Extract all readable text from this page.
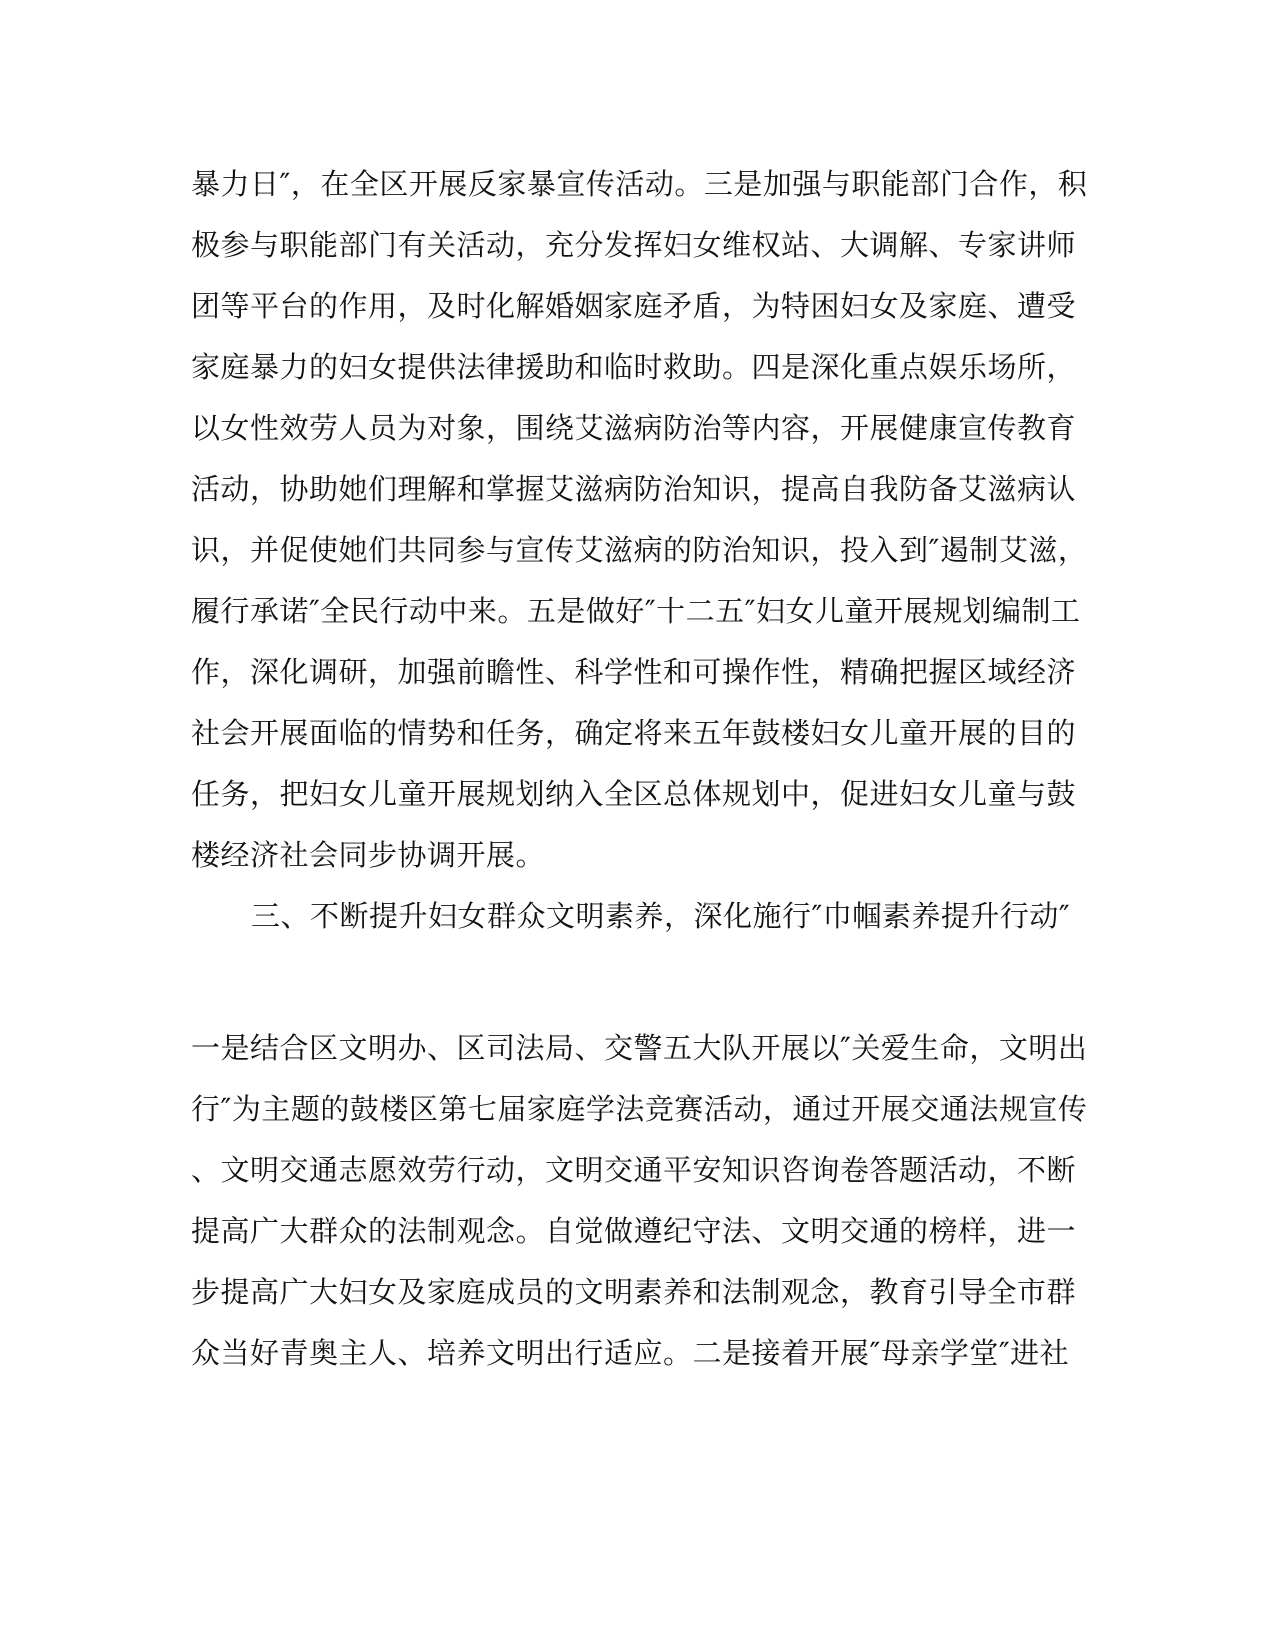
暴力日″，在全区开展反家暴宣传活动。三是加强与职能部门合作，积
极参与职能部门有关活动，充分发挥妇女维权站、大调解、专家讲师
团等平台的作用，及时化解婚姻家庭矛盾，为特困妇女及家庭、遭受
家庭暴力的妇女提供法律援助和临时救助。四是深化重点娱乐场所，
以女性效劳人员为对象，围绕艾滋病防治等内容，开展健康宣传教育
活动，协助她们理解和掌握艾滋病防治知识，提高自我防备艾滋病认
识，并促使她们共同参与宣传艾滋病的防治知识，投入到″遏制艾滋，
履行承诺″全民行动中来。五是做好″十二五″妇女儿童开展规划编制工
作，深化调研，加强前瞻性、科学性和可操作性，精确把握区域经济
社会开展面临的情势和任务，确定将来五年鼓楼妇女儿童开展的目的
任务，把妇女儿童开展规划纳入全区总体规划中，促进妇女儿童与鼓
楼经济社会同步协调开展。
三、不断提升妇女群众文明素养，深化施行″巾帼素养提升行动″
一是结合区文明办、区司法局、交警五大队开展以″关爱生命，文明出
行″为主题的鼓楼区第七届家庭学法竞赛活动，通过开展交通法规宣传
、文明交通志愿效劳行动，文明交通平安知识咨询卷答题活动，不断
提高广大群众的法制观念。自觉做遵纪守法、文明交通的榜样，进一
步提高广大妇女及家庭成员的文明素养和法制观念，教育引导全市群
众当好青奥主人、培养文明出行适应。二是接着开展″母亲学堂″进社
